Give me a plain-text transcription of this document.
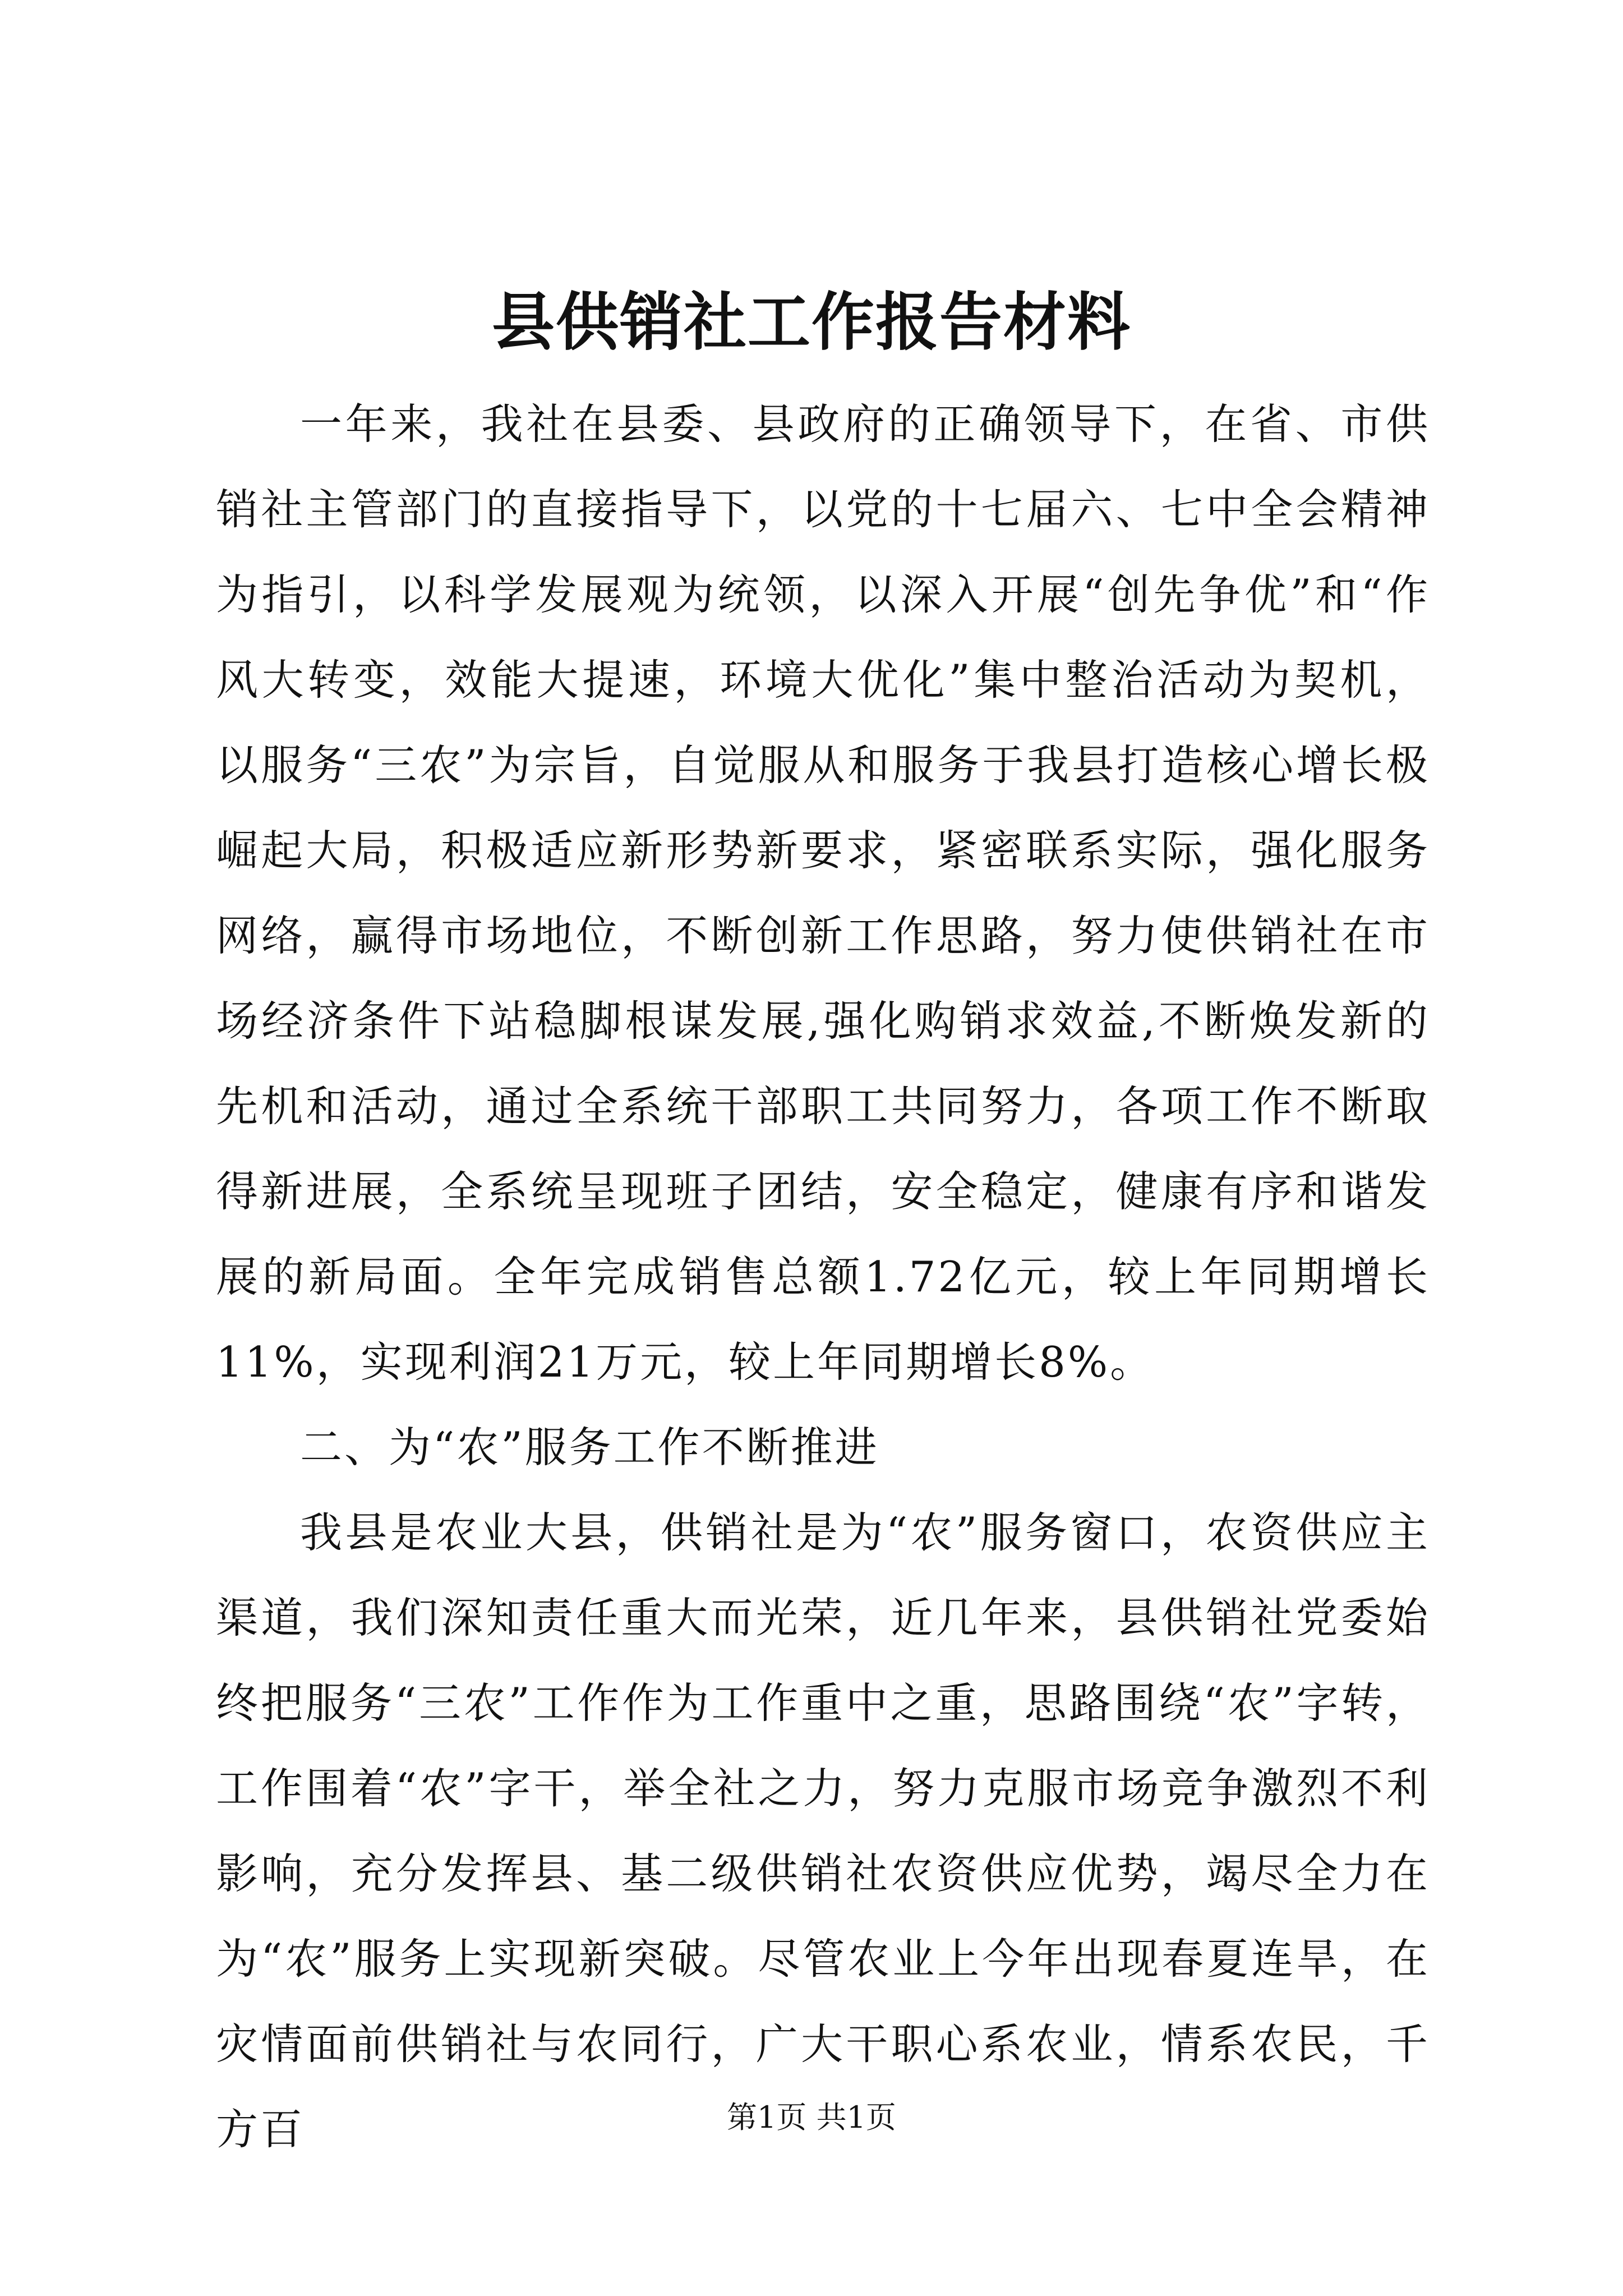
县供销社工作报告材料

一年来，我社在县委、县政府的正确领导下，在省、市供销社主管部门的直接指导下，以党的十七届六、七中全会精神为指引，以科学发展观为统领，以深入开展“创先争优”和“作风大转变，效能大提速，环境大优化”集中整治活动为契机，以服务“三农”为宗旨，自觉服从和服务于我县打造核心增长极崛起大局，积极适应新形势新要求，紧密联系实际，强化服务网络，赢得市场地位，不断创新工作思路，努力使供销社在市场经济条件下站稳脚根谋发展,强化购销求效益,不断焕发新的先机和活动，通过全系统干部职工共同努力，各项工作不断取得新进展，全系统呈现班子团结，安全稳定，健康有序和谐发展的新局面。全年完成销售总额1.72亿元，较上年同期增长11%，实现利润21万元，较上年同期增长8%。

二、为“农”服务工作不断推进

我县是农业大县，供销社是为“农”服务窗口，农资供应主渠道，我们深知责任重大而光荣，近几年来，县供销社党委始终把服务“三农”工作作为工作重中之重，思路围绕“农”字转，工作围着“农”字干，举全社之力，努力克服市场竞争激烈不利影响，充分发挥县、基二级供销社农资供应优势，竭尽全力在为“农”服务上实现新突破。尽管农业上今年出现春夏连旱，在灾情面前供销社与农同行，广大干职心系农业，情系农民，千方百	第1页 共1页
